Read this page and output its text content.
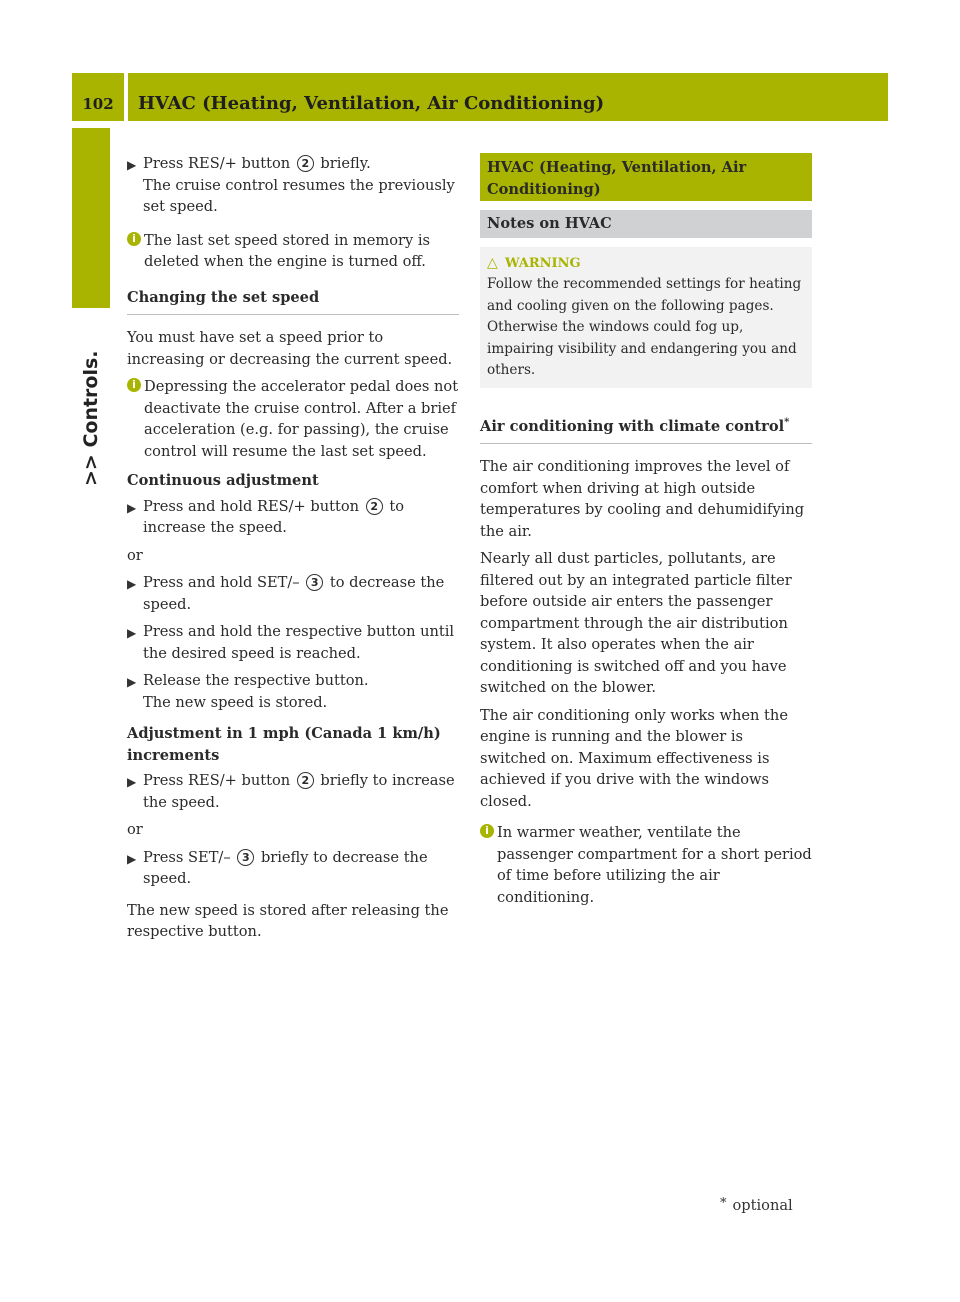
102	HVAC (Heating, Ventilation, Air Conditioning)
>> Controls.
▶ Press RES/+ button 2 briefly.
The cruise control resumes the previously set speed.
i The last set speed stored in memory is deleted when the engine is turned off.
Changing the set speed

You must have set a speed prior to increasing or decreasing the current speed.

i Depressing the accelerator pedal does not deactivate the cruise control. After a brief acceleration (e.g. for passing), the cruise control will resume the last set speed.
Continuous adjustment
▶ Press and hold RES/+ button 2 to increase the speed.

or

▶ Press and hold SET/– 3 to decrease the speed.
▶ Press and hold the respective button until the desired speed is reached.
▶ Release the respective button.
The new speed is stored.
Adjustment in 1 mph (Canada 1 km/h) increments
▶ Press RES/+ button 2 briefly to increase the speed.

or

▶ Press SET/– 3 briefly to decrease the speed.

The new speed is stored after releasing the respective button.

HVAC (Heating, Ventilation, Air Conditioning)
Notes on HVAC
△ WARNING
Follow the recommended settings for heating and cooling given on the following pages. Otherwise the windows could fog up, impairing visibility and endangering you and others.
Air conditioning with climate control*

The air conditioning improves the level of comfort when driving at high outside temperatures by cooling and dehumidifying the air.

Nearly all dust particles, pollutants, are filtered out by an integrated particle filter before outside air enters the passenger compartment through the air distribution system. It also operates when the air conditioning is switched off and you have switched on the blower.

The air conditioning only works when the engine is running and the blower is switched on. Maximum effectiveness is achieved if you drive with the windows closed.

i In warmer weather, ventilate the passenger compartment for a short period of time before utilizing the air conditioning.
* optional
